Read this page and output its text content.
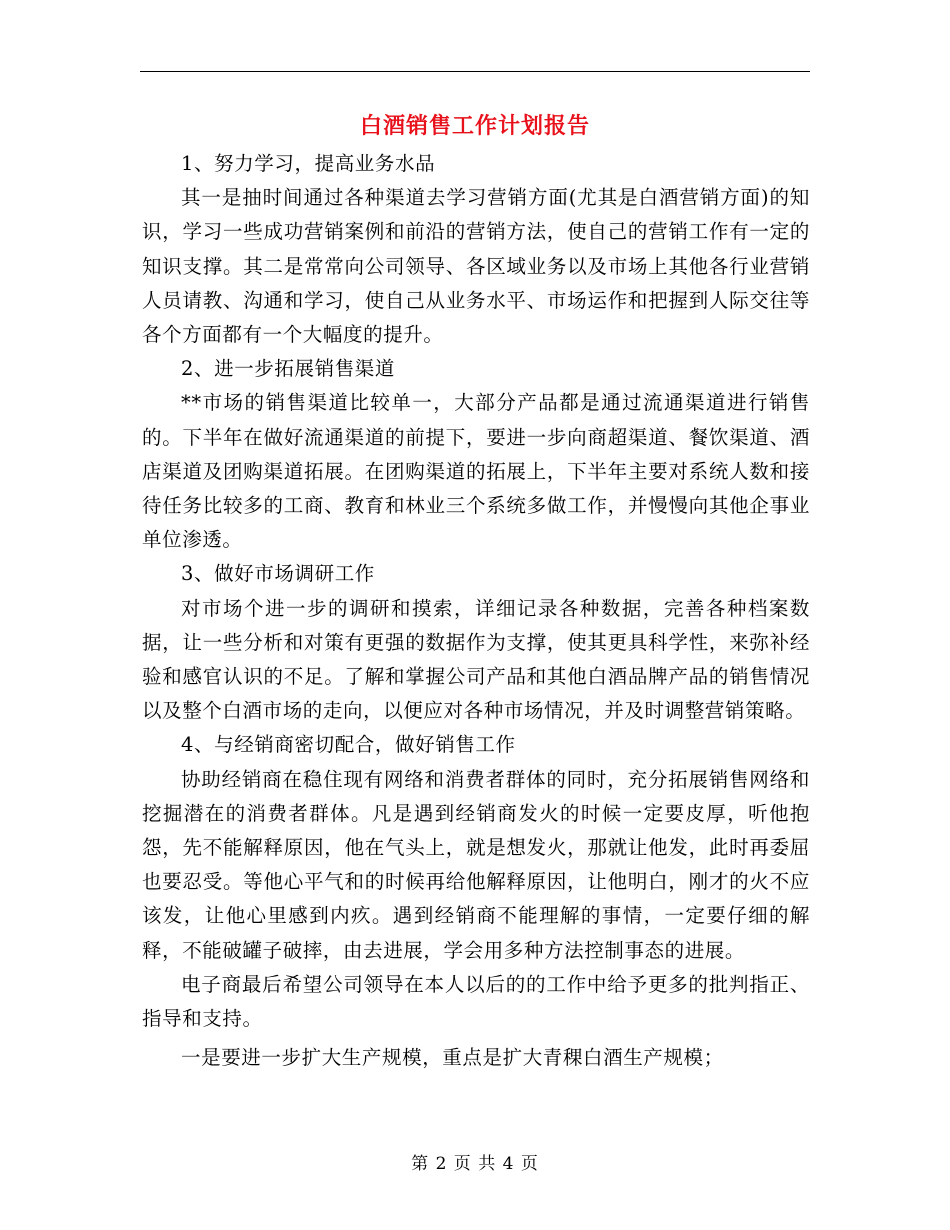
白酒销售工作计划报告

1、努力学习，提高业务水品

其一是抽时间通过各种渠道去学习营销方面(尤其是白酒营销方面)的知识，学习一些成功营销案例和前沿的营销方法，使自己的营销工作有一定的知识支撑。其二是常常向公司领导、各区域业务以及市场上其他各行业营销人员请教、沟通和学习，使自己从业务水平、市场运作和把握到人际交往等各个方面都有一个大幅度的提升。

2、进一步拓展销售渠道

**市场的销售渠道比较单一，大部分产品都是通过流通渠道进行销售的。下半年在做好流通渠道的前提下，要进一步向商超渠道、餐饮渠道、酒店渠道及团购渠道拓展。在团购渠道的拓展上，下半年主要对系统人数和接待任务比较多的工商、教育和林业三个系统多做工作，并慢慢向其他企事业单位渗透。

3、做好市场调研工作

对市场个进一步的调研和摸索，详细记录各种数据，完善各种档案数据，让一些分析和对策有更强的数据作为支撑，使其更具科学性，来弥补经验和感官认识的不足。了解和掌握公司产品和其他白酒品牌产品的销售情况以及整个白酒市场的走向，以便应对各种市场情况，并及时调整营销策略。

4、与经销商密切配合，做好销售工作

协助经销商在稳住现有网络和消费者群体的同时，充分拓展销售网络和挖掘潜在的消费者群体。凡是遇到经销商发火的时候一定要皮厚，听他抱怨，先不能解释原因，他在气头上，就是想发火，那就让他发，此时再委屈也要忍受。等他心平气和的时候再给他解释原因，让他明白，刚才的火不应该发，让他心里感到内疚。遇到经销商不能理解的事情，一定要仔细的解释，不能破罐子破摔，由去进展，学会用多种方法控制事态的进展。

电子商最后希望公司领导在本人以后的的工作中给予更多的批判指正、指导和支持。

一是要进一步扩大生产规模，重点是扩大青稞白酒生产规模；

第 2 页 共 4 页
